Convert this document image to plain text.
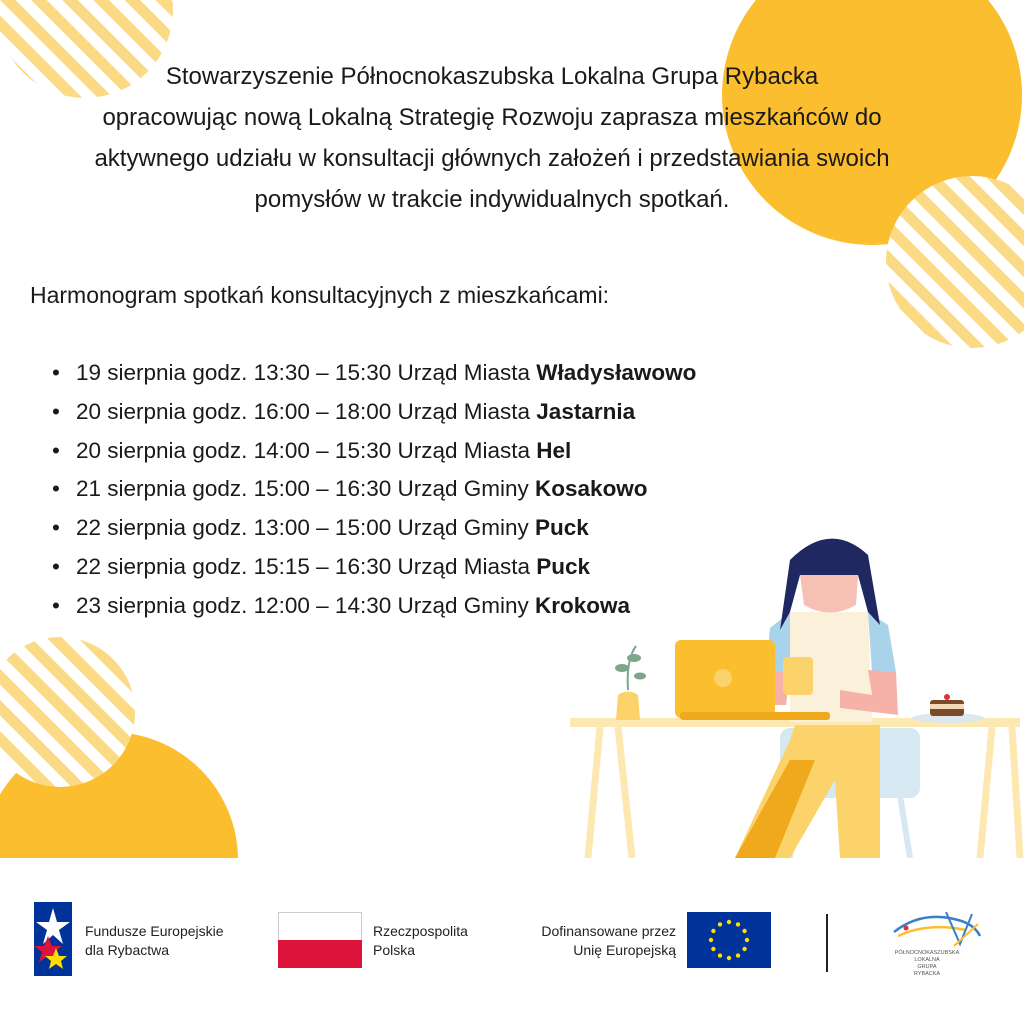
Stowarzyszenie Północnokaszubska Lokalna Grupa Rybacka
opracowując nową Lokalną Strategię Rozwoju zaprasza mieszkańców do
aktywnego udziału w konsultacji głównych założeń i przedstawiania swoich
pomysłów w trakcie indywidualnych spotkań.
Harmonogram spotkań konsultacyjnych z mieszkańcami:
• 19 sierpnia godz. 13:30 – 15:30 Urząd Miasta Władysławowo
• 20 sierpnia godz. 16:00 – 18:00 Urząd Miasta Jastarnia
• 20 sierpnia godz. 14:00 – 15:30 Urząd Miasta Hel
• 21 sierpnia godz. 15:00 – 16:30 Urząd Gminy Kosakowo
• 22 sierpnia godz. 13:00 – 15:00 Urząd Gminy Puck
• 22 sierpnia godz. 15:15 – 16:30 Urząd Miasta Puck
• 23 sierpnia godz. 12:00 – 14:30 Urząd Gminy Krokowa
Fundusze Europejskie
dla Rybactwa
Rzeczpospolita
Polska
Dofinansowane przez
Unię Europejską	PÓŁNOCNOKASZUBSKA
LOKALNA
GRUPA
RYBACKA
